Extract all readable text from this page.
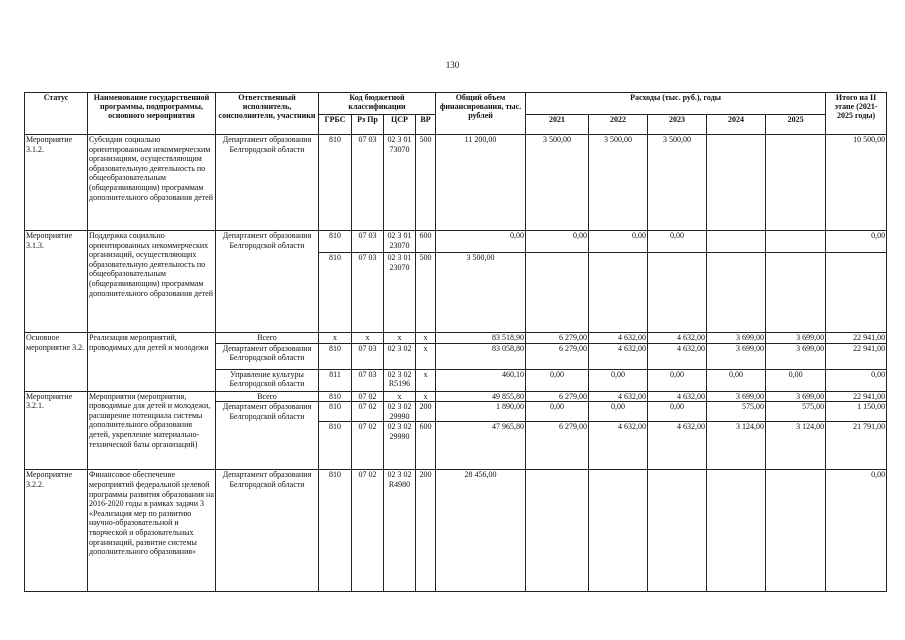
130
Статус	Наименование государственной программы, подпрограммы, основного мероприятия	Ответственный исполнитель, соисполнители, участники	Код бюджетной классификации				Общий объем финансирования, тыс. рублей	Расходы (тыс. руб.), годы					Итого на II этапе (2021-2025 годы)
			ГРБС	Рз Пр	ЦСР	ВР		2021	2022	2023	2024	2025	
Мероприятие 3.1.2.	Субсидии социально ориентированным некоммерческим организациям, осуществляющим образовательную деятельность по общеобразовательным (общеразвивающим) программам дополнительного образования детей	Департамент образования Белгородской области	810	07 03	02 3 01 73070	500	11 200,00	3 500,00	3 500,00	3 500,00			10 500,00
Мероприятие 3.1.3.	Поддержка социально ориентированных некоммерческих организаций, осуществляющих образовательную деятельность по общеобразовательным (общеразвивающим) программам дополнительного образования детей	Департамент образования Белгородской области	810	07 03	02 3 01 23070	600	0,00	0,00	0,00	0,00			0,00
			810	07 03	02 3 01 23070	500	3 500,00						
Основное мероприятие 3.2.	Реализация мероприятий, проводимых для детей и молодежи	Всего	x	x	x	x	83 518,90	6 279,00	4 632,00	4 632,00	3 699,00	3 699,00	22 941,00
		Департамент образования Белгородской области	810	07 03	02 3 02	x	83 058,80	6 279,00	4 632,00	4 632,00	3 699,00	3 699,00	22 941,00
		Управление культуры Белгородской области	811	07 03	02 3 02 R5196	x	460,10	0,00	0,00	0,00	0,00	0,00	0,00
Мероприятие 3.2.1.	Мероприятия (мероприятия, проводимые для детей и молодежи, расширение потенциала системы дополнительного образования детей, укрепление материально-технической базы организаций)	Всего	810	07 02	x	x	49 855,80	6 279,00	4 632,00	4 632,00	3 699,00	3 699,00	22 941,00
		Департамент образования Белгородской области	810	07 02	02 3 02 29990	200	1 890,00	0,00	0,00	0,00	575,00	575,00	1 150,00
			810	07 02	02 3 02 29990	600	47 965,80	6 279,00	4 632,00	4 632,00	3 124,00	3 124,00	21 791,00
Мероприятие 3.2.2.	Финансовое обеспечение мероприятий федеральной целевой программы развития образования на 2016-2020 годы в рамках задачи 3 «Реализация мер по развитию научно-образовательной и творческой и образовательных организаций, развитие системы дополнительного образования»	Департамент образования Белгородской области	810	07 02	02 3 02 R4980	200	28 456,00						0,00
